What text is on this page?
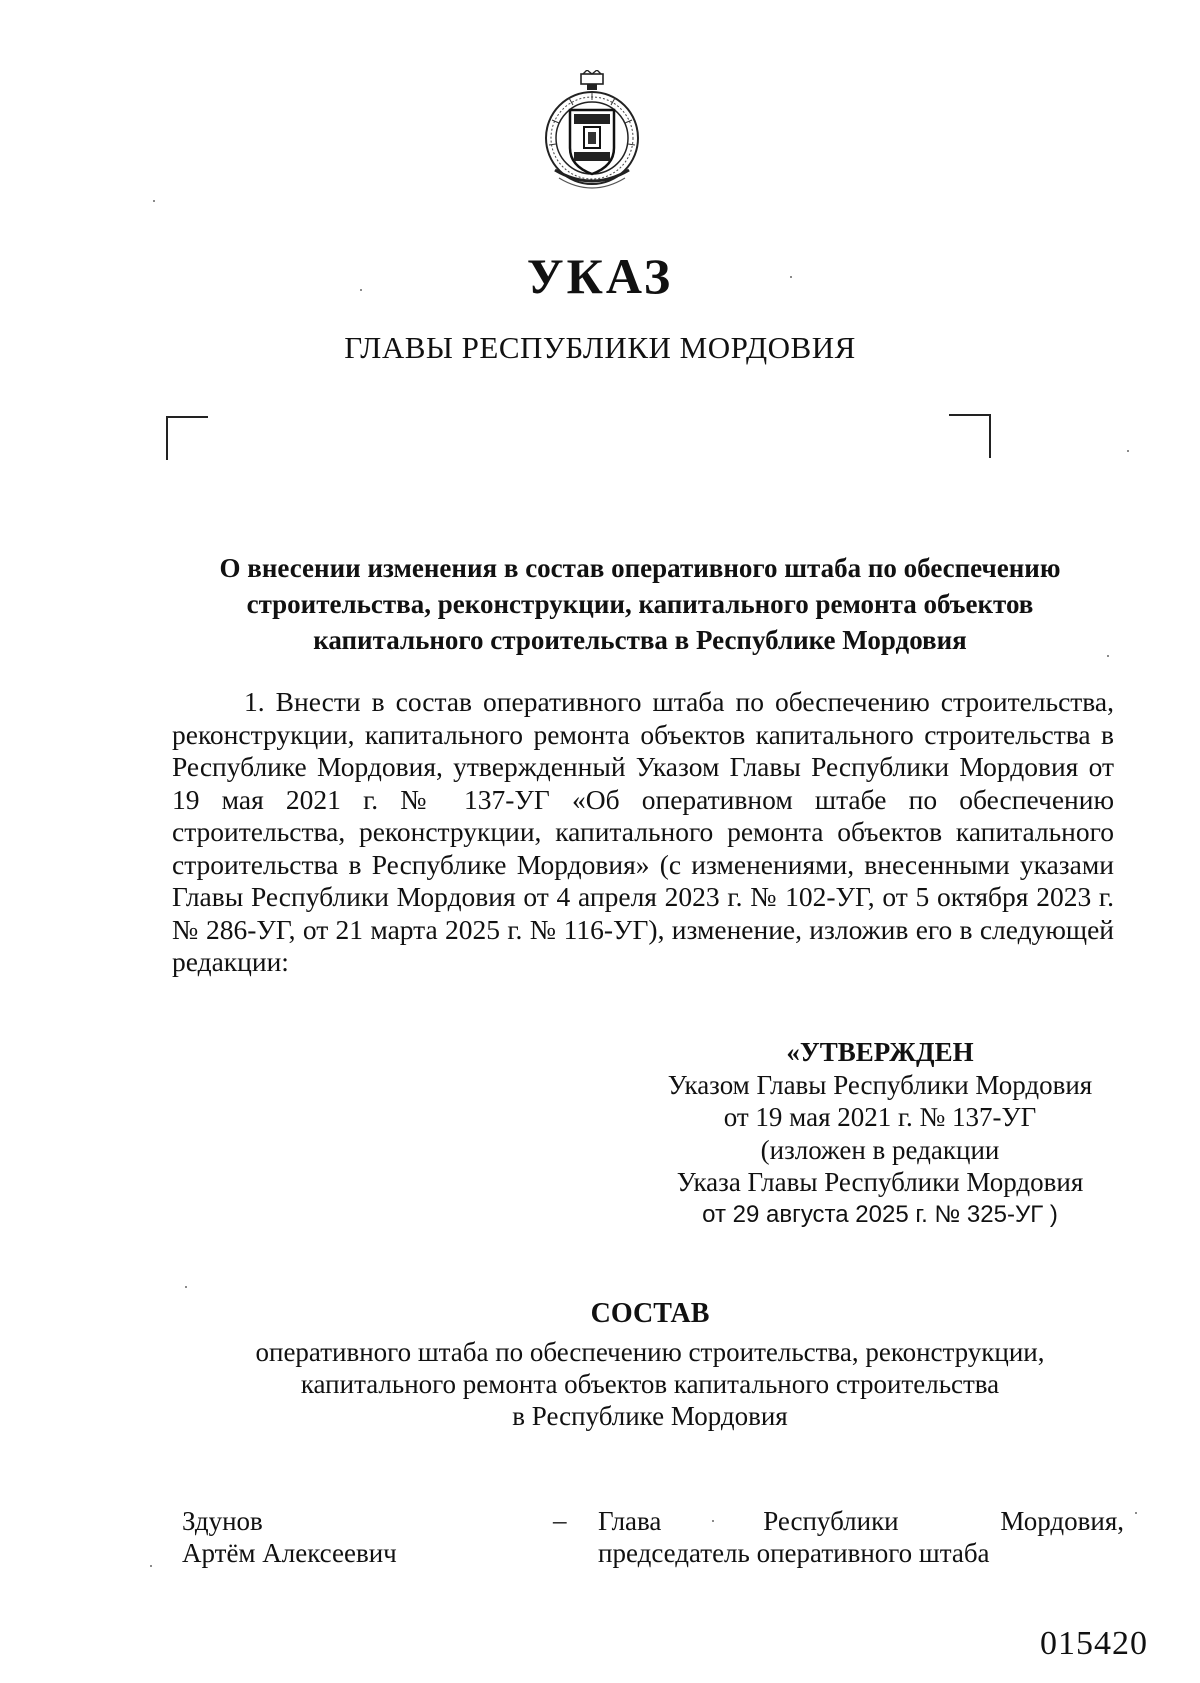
УКАЗ
ГЛАВЫ РЕСПУБЛИКИ МОРДОВИЯ
О внесении изменения в состав оперативного штаба по обеспечению
строительства, реконструкции, капитального ремонта объектов
капитального строительства в Республике Мордовия
1. Внести в состав оперативного штаба по обеспечению строительства, реконструкции, капитального ремонта объектов капитального строительства в Республике Мордовия, утвержденный Указом Главы Республики Мордовия от 19 мая 2021 г. № 137-УГ «Об оперативном штабе по обеспечению строительства, реконструкции, капитального ремонта объектов капитального строительства в Республике Мордовия» (с изменениями, внесенными указами Главы Республики Мордовия от 4 апреля 2023 г. № 102-УГ, от 5 октября 2023 г. № 286-УГ, от 21 марта 2025 г. № 116-УГ), изменение, изложив его в следующей редакции:
«УТВЕРЖДЕН
Указом Главы Республики Мордовия
от 19 мая 2021 г. № 137-УГ
(изложен в редакции
Указа Главы Республики Мордовия
от 29 августа 2025 г. № 325-УГ )
СОСТАВ
оперативного штаба по обеспечению строительства, реконструкции,
капитального ремонта объектов капитального строительства
в Республике Мордовия
Здунов
Артём Алексеевич
– Глава	Республики	Мордовия,
председатель оперативного штаба
015420
